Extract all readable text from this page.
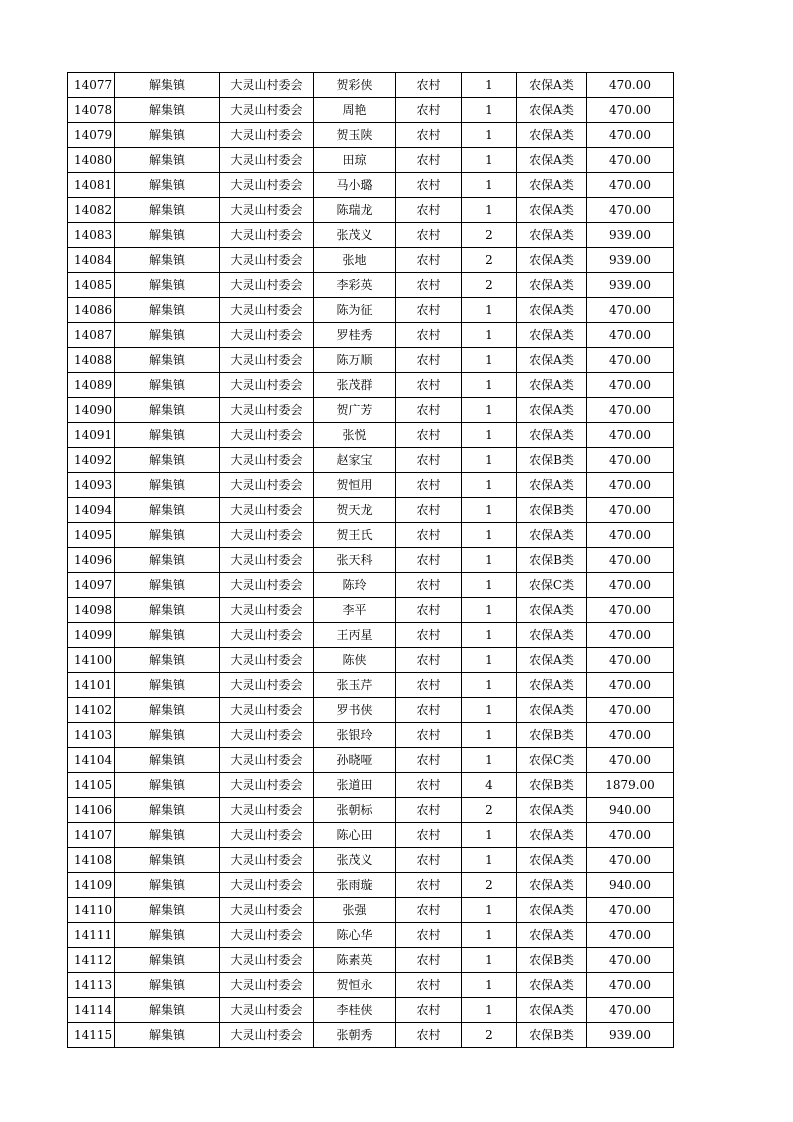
14077	解集镇	大灵山村委会	贺彩侠	农村	1	农保A类	470.00
14078	解集镇	大灵山村委会	周艳	农村	1	农保A类	470.00
14079	解集镇	大灵山村委会	贺玉陕	农村	1	农保A类	470.00
14080	解集镇	大灵山村委会	田琼	农村	1	农保A类	470.00
14081	解集镇	大灵山村委会	马小璐	农村	1	农保A类	470.00
14082	解集镇	大灵山村委会	陈瑞龙	农村	1	农保A类	470.00
14083	解集镇	大灵山村委会	张茂义	农村	2	农保A类	939.00
14084	解集镇	大灵山村委会	张地	农村	2	农保A类	939.00
14085	解集镇	大灵山村委会	李彩英	农村	2	农保A类	939.00
14086	解集镇	大灵山村委会	陈为征	农村	1	农保A类	470.00
14087	解集镇	大灵山村委会	罗桂秀	农村	1	农保A类	470.00
14088	解集镇	大灵山村委会	陈万顺	农村	1	农保A类	470.00
14089	解集镇	大灵山村委会	张茂群	农村	1	农保A类	470.00
14090	解集镇	大灵山村委会	贺广芳	农村	1	农保A类	470.00
14091	解集镇	大灵山村委会	张悦	农村	1	农保A类	470.00
14092	解集镇	大灵山村委会	赵家宝	农村	1	农保B类	470.00
14093	解集镇	大灵山村委会	贺恒用	农村	1	农保A类	470.00
14094	解集镇	大灵山村委会	贺天龙	农村	1	农保B类	470.00
14095	解集镇	大灵山村委会	贺王氏	农村	1	农保A类	470.00
14096	解集镇	大灵山村委会	张天科	农村	1	农保B类	470.00
14097	解集镇	大灵山村委会	陈玲	农村	1	农保C类	470.00
14098	解集镇	大灵山村委会	李平	农村	1	农保A类	470.00
14099	解集镇	大灵山村委会	王丙星	农村	1	农保A类	470.00
14100	解集镇	大灵山村委会	陈侠	农村	1	农保A类	470.00
14101	解集镇	大灵山村委会	张玉芹	农村	1	农保A类	470.00
14102	解集镇	大灵山村委会	罗书侠	农村	1	农保A类	470.00
14103	解集镇	大灵山村委会	张银玲	农村	1	农保B类	470.00
14104	解集镇	大灵山村委会	孙晓哑	农村	1	农保C类	470.00
14105	解集镇	大灵山村委会	张道田	农村	4	农保B类	1879.00
14106	解集镇	大灵山村委会	张朝标	农村	2	农保A类	940.00
14107	解集镇	大灵山村委会	陈心田	农村	1	农保A类	470.00
14108	解集镇	大灵山村委会	张茂义	农村	1	农保A类	470.00
14109	解集镇	大灵山村委会	张雨璇	农村	2	农保A类	940.00
14110	解集镇	大灵山村委会	张强	农村	1	农保A类	470.00
14111	解集镇	大灵山村委会	陈心华	农村	1	农保A类	470.00
14112	解集镇	大灵山村委会	陈素英	农村	1	农保B类	470.00
14113	解集镇	大灵山村委会	贺恒永	农村	1	农保A类	470.00
14114	解集镇	大灵山村委会	李桂侠	农村	1	农保A类	470.00
14115	解集镇	大灵山村委会	张朝秀	农村	2	农保B类	939.00
